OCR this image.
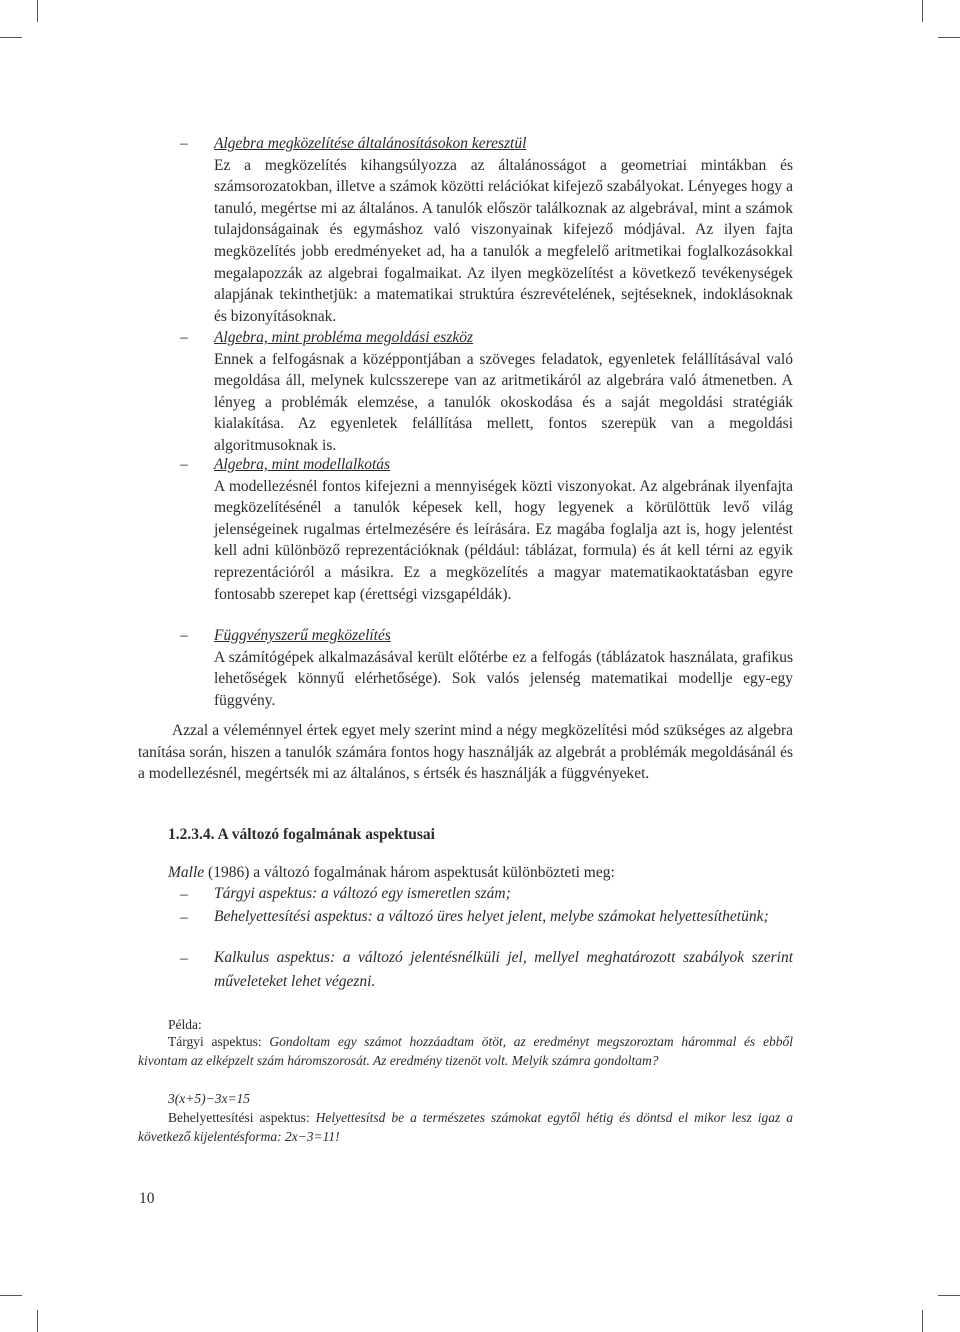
– Algebra megközelítése általánosításokon keresztül
Ez a megközelítés kihangsúlyozza az általánosságot a geometriai mintákban és számsorozatokban, illetve a számok közötti relációkat kifejező szabályokat. Lényeges hogy a tanuló, megértse mi az általános. A tanulók először találkoznak az algebrával, mint a számok tulajdonságainak és egymáshoz való viszonyainak kifejező módjával. Az ilyen fajta megközelítés jobb eredményeket ad, ha a tanulók a megfelelő aritmetikai foglalkozásokkal megalapozzák az algebrai fogalmaikat. Az ilyen megközelítést a következő tevékenységek alapjának tekinthetjük: a matematikai struktúra észrevételének, sejtéseknek, indoklásoknak és bizonyításoknak.
– Algebra, mint probléma megoldási eszköz
Ennek a felfogásnak a középpontjában a szöveges feladatok, egyenletek felállításával való megoldása áll, melynek kulcsszerepe van az aritmetikáról az algebrára való átmenetben. A lényeg a problémák elemzése, a tanulók okoskodása és a saját megoldási stratégiák kialakítása. Az egyenletek felállítása mellett, fontos szerepük van a megoldási algoritmusoknak is.
– Algebra, mint modellalkotás
A modellezésnél fontos kifejezni a mennyiségek közti viszonyokat. Az algebrának ilyenfajta megközelítésénél a tanulók képesek kell, hogy legyenek a körülöttük levő világ jelenségeinek rugalmas értelmezésére és leírására. Ez magába foglalja azt is, hogy jelentést kell adni különböző reprezentációknak (például: táblázat, formula) és át kell térni az egyik reprezentációról a másikra. Ez a megközelítés a magyar matematikaoktatásban egyre fontosabb szerepet kap (érettségi vizsgapéldák).
– Függvényszerű megközelítés
A számítógépek alkalmazásával került előtérbe ez a felfogás (táblázatok használata, grafikus lehetőségek könnyű elérhetősége). Sok valós jelenség matematikai modellje egy-egy függvény.
Azzal a véleménnyel értek egyet mely szerint mind a négy megközelítési mód szükséges az algebra tanítása során, hiszen a tanulók számára fontos hogy használják az algebrát a problémák megoldásánál és a modellezésnél, megértsék mi az általános, s értsék és használják a függvényeket.
1.2.3.4. A változó fogalmának aspektusai
Malle (1986) a változó fogalmának három aspektusát különbözteti meg:
– Tárgyi aspektus: a változó egy ismeretlen szám;
– Behelyettesítési aspektus: a változó üres helyet jelent, melybe számokat helyettesíthetünk;
– Kalkulus aspektus: a változó jelentésnélküli jel, mellyel meghatározott szabályok szerint műveleteket lehet végezni.
Példa:
Tárgyi aspektus: Gondoltam egy számot hozzáadtam ötöt, az eredményt megszoroztam hárommal és ebből kivontam az elképzelt szám háromszorosát. Az eredmény tizenöt volt. Melyik számra gondoltam?
3(x+5)−3x=15
Behelyettesítési aspektus: Helyettesítsd be a természetes számokat egytől hétig és döntsd el mikor lesz igaz a következő kijelentésforma: 2x−3=11!
10
